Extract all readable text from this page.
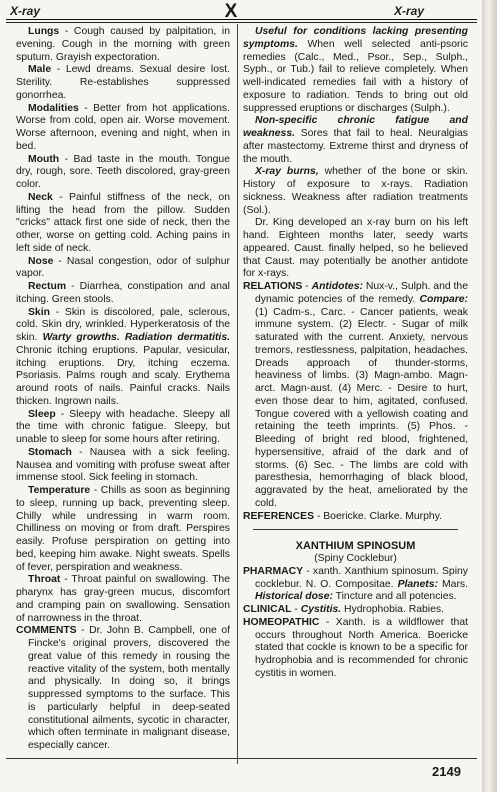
X-ray	X	X-ray

Lungs - Cough caused by palpitation, in evening. Cough in the morning with green sputum. Grayish expectoration.

Male - Lewd dreams. Sexual desire lost. Sterility. Re-establishes suppressed gonorrhea.

Modalities - Better from hot applications. Worse from cold, open air. Worse movement. Worse afternoon, evening and night, when in bed.

Mouth - Bad taste in the mouth. Tongue dry, rough, sore. Teeth discolored, gray-green color.

Neck - Painful stiffness of the neck, on lifting the head from the pillow. Sudden "cricks" attack first one side of neck, then the other, worse on getting cold. Aching pains in left side of neck.

Nose - Nasal congestion, odor of sulphur vapor.

Rectum - Diarrhea, constipation and anal itching. Green stools.

Skin - Skin is discolored, pale, sclerous, cold. Skin dry, wrinkled. Hyperkeratosis of the skin. Warty growths. Radiation dermatitis. Chronic itching eruptions. Papular, vesicular, itching eruptions. Dry, itching eczema. Psoriasis. Palms rough and scaly. Erythema around roots of nails. Painful cracks. Nails thicken. Ingrown nails.

Sleep - Sleepy with headache. Sleepy all the time with chronic fatigue. Sleepy, but unable to sleep for some hours after retiring.

Stomach - Nausea with a sick feeling. Nausea and vomiting with profuse sweat after immense stool. Sick feeling in stomach.

Temperature - Chills as soon as beginning to sleep, running up back, preventing sleep. Chilly while undressing in warm room. Chilliness on moving or from draft. Perspires easily. Profuse perspiration on getting into bed, keeping him awake. Night sweats. Spells of fever, perspiration and weakness.

Throat - Throat painful on swallowing. The pharynx has gray-green mucus, discomfort and cramping pain on swallowing. Sensation of narrowness in the throat.

COMMENTS - Dr. John B. Campbell, one of Fincke's original provers, discovered the great value of this remedy in rousing the reactive vitality of the system, both mentally and physically. In doing so, it brings suppressed symptoms to the surface. This is particularly helpful in deep-seated constitutional ailments, sycotic in character, which often terminate in malignant disease, especially cancer.

Useful for conditions lacking presenting symptoms. When well selected anti-psoric remedies (Calc., Med., Psor., Sep., Sulph., Syph., or Tub.) fail to relieve completely. When well-indicated remedies fail with a history of exposure to radiation. Tends to bring out old suppressed eruptions or discharges (Sulph.).

Non-specific chronic fatigue and weakness. Sores that fail to heal. Neuralgias after mastectomy. Extreme thirst and dryness of the mouth.

X-ray burns, whether of the bone or skin. History of exposure to x-rays. Radiation sickness. Weakness after radiation treatments (Sol.).

Dr. King developed an x-ray burn on his left hand. Eighteen months later, seedy warts appeared. Caust. finally helped, so he believed that Caust. may potentially be another antidote for x-rays.

RELATIONS - Antidotes: Nux-v., Sulph. and the dynamic potencies of the remedy. Compare: (1) Cadm-s., Carc. - Cancer patients, weak immune system. (2) Electr. - Sugar of milk saturated with the current. Anxiety, nervous tremors, restlessness, palpitation, headaches. Dreads approach of thunder-storms, heaviness of limbs. (3) Magn-ambo. Magn-arct. Magn-aust. (4) Merc. - Desire to hurt, even those dear to him, agitated, confused. Tongue covered with a yellowish coating and retaining the teeth imprints. (5) Phos. - Bleeding of bright red blood, frightened, hypersensitive, afraid of the dark and of storms. (6) Sec. - The limbs are cold with paresthesia, hemorrhaging of black blood, aggravated by the heat, ameliorated by the cold.

REFERENCES - Boericke. Clarke. Murphy.

XANTHIUM SPINOSUM

(Spiny Cocklebur)

PHARMACY - xanth. Xanthium spinosum. Spiny cocklebur. N. O. Compositae. Planets: Mars. Historical dose: Tincture and all potencies.

CLINICAL - Cystitis. Hydrophobia. Rabies.

HOMEOPATHIC - Xanth. is a wildflower that occurs throughout North America. Boericke stated that cockle is known to be a specific for hydrophobia and is recommended for chronic cystitis in women.

2149
